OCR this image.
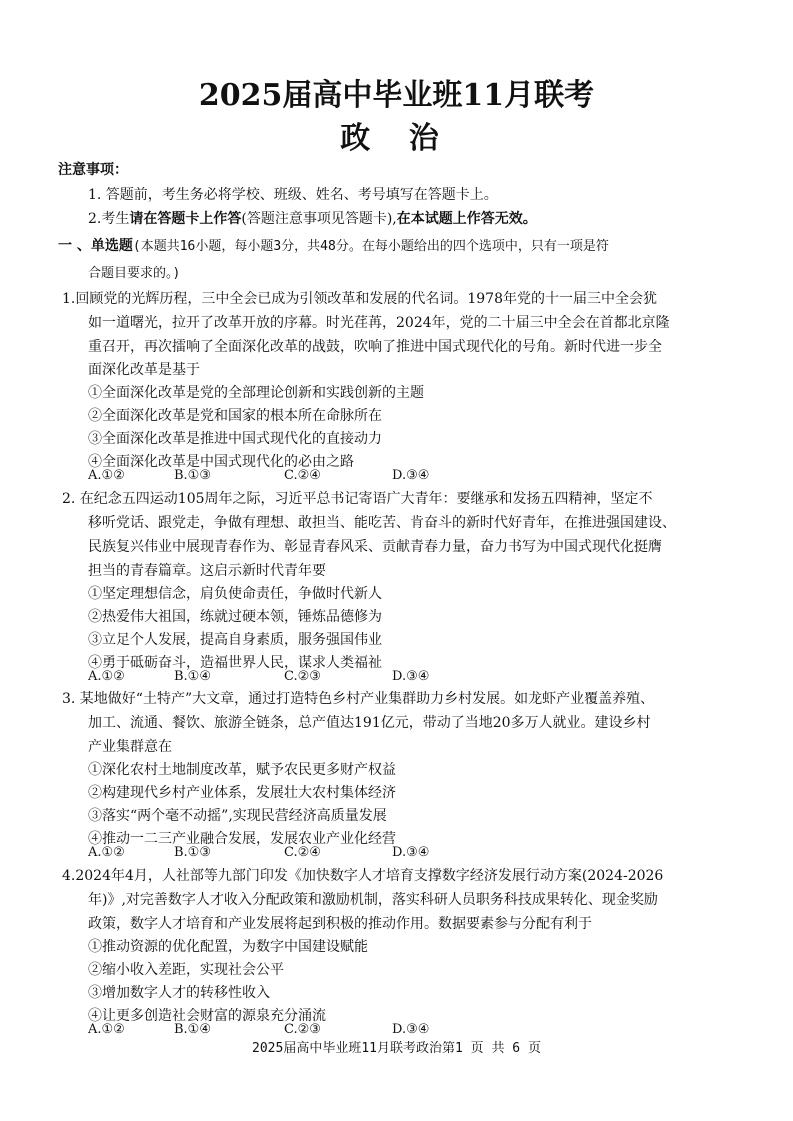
2025届高中毕业班11月联考
政 治
注意事项：
1. 答题前，考生务必将学校、班级、姓名、考号填写在答题卡上。
2.考生请在答题卡上作答(答题注意事项见答题卡),在本试题上作答无效。
一 、单选题(本题共16小题，每小题3分，共48分。在每小题给出的四个选项中，只有一项是符
合题目要求的。)
1.回顾党的光辉历程，三中全会已成为引领改革和发展的代名词。1978年党的十一届三中全会犹
如一道曙光，拉开了改革开放的序幕。时光荏苒，2024年，党的二十届三中全会在首都北京隆
重召开，再次擂响了全面深化改革的战鼓，吹响了推进中国式现代化的号角。新时代进一步全
面深化改革是基于
①全面深化改革是党的全部理论创新和实践创新的主题
②全面深化改革是党和国家的根本所在命脉所在
③全面深化改革是推进中国式现代化的直接动力
④全面深化改革是中国式现代化的必由之路
A.①②	B.①③	C.②④	D.③④
2. 在纪念五四运动105周年之际，习近平总书记寄语广大青年：要继承和发扬五四精神，坚定不
移听党话、跟党走，争做有理想、敢担当、能吃苦、肯奋斗的新时代好青年，在推进强国建设、
民族复兴伟业中展现青春作为、彰显青春风采、贡献青春力量，奋力书写为中国式现代化挺膺
担当的青春篇章。这启示新时代青年要
①坚定理想信念，肩负使命责任，争做时代新人
②热爱伟大祖国，练就过硬本领，锤炼品德修为
③立足个人发展，提高自身素质，服务强国伟业
④勇于砥砺奋斗，造福世界人民，谋求人类福祉
A.①②	B.①④	C.②③	D.③④
3. 某地做好“土特产”大文章，通过打造特色乡村产业集群助力乡村发展。如龙虾产业覆盖养殖、
加工、流通、餐饮、旅游全链条，总产值达191亿元，带动了当地20多万人就业。建设乡村
产业集群意在
①深化农村土地制度改革，赋予农民更多财产权益
②构建现代乡村产业体系，发展壮大农村集体经济
③落实“两个毫不动摇”,实现民营经济高质量发展
④推动一二三产业融合发展，发展农业产业化经营
A.①②	B.①③	C.②④	D.③④
4.2024年4月，人社部等九部门印发《加快数字人才培育支撑数字经济发展行动方案(2024-2026
年)》,对完善数字人才收入分配政策和激励机制，落实科研人员职务科技成果转化、现金奖励
政策，数字人才培育和产业发展将起到积极的推动作用。数据要素参与分配有利于
①推动资源的优化配置，为数字中国建设赋能
②缩小收入差距，实现社会公平
③增加数字人才的转移性收入
④让更多创造社会财富的源泉充分涌流
A.①②	B.①④	C.②③	D.③④
2025届高中毕业班11月联考政治第1 页 共 6 页
